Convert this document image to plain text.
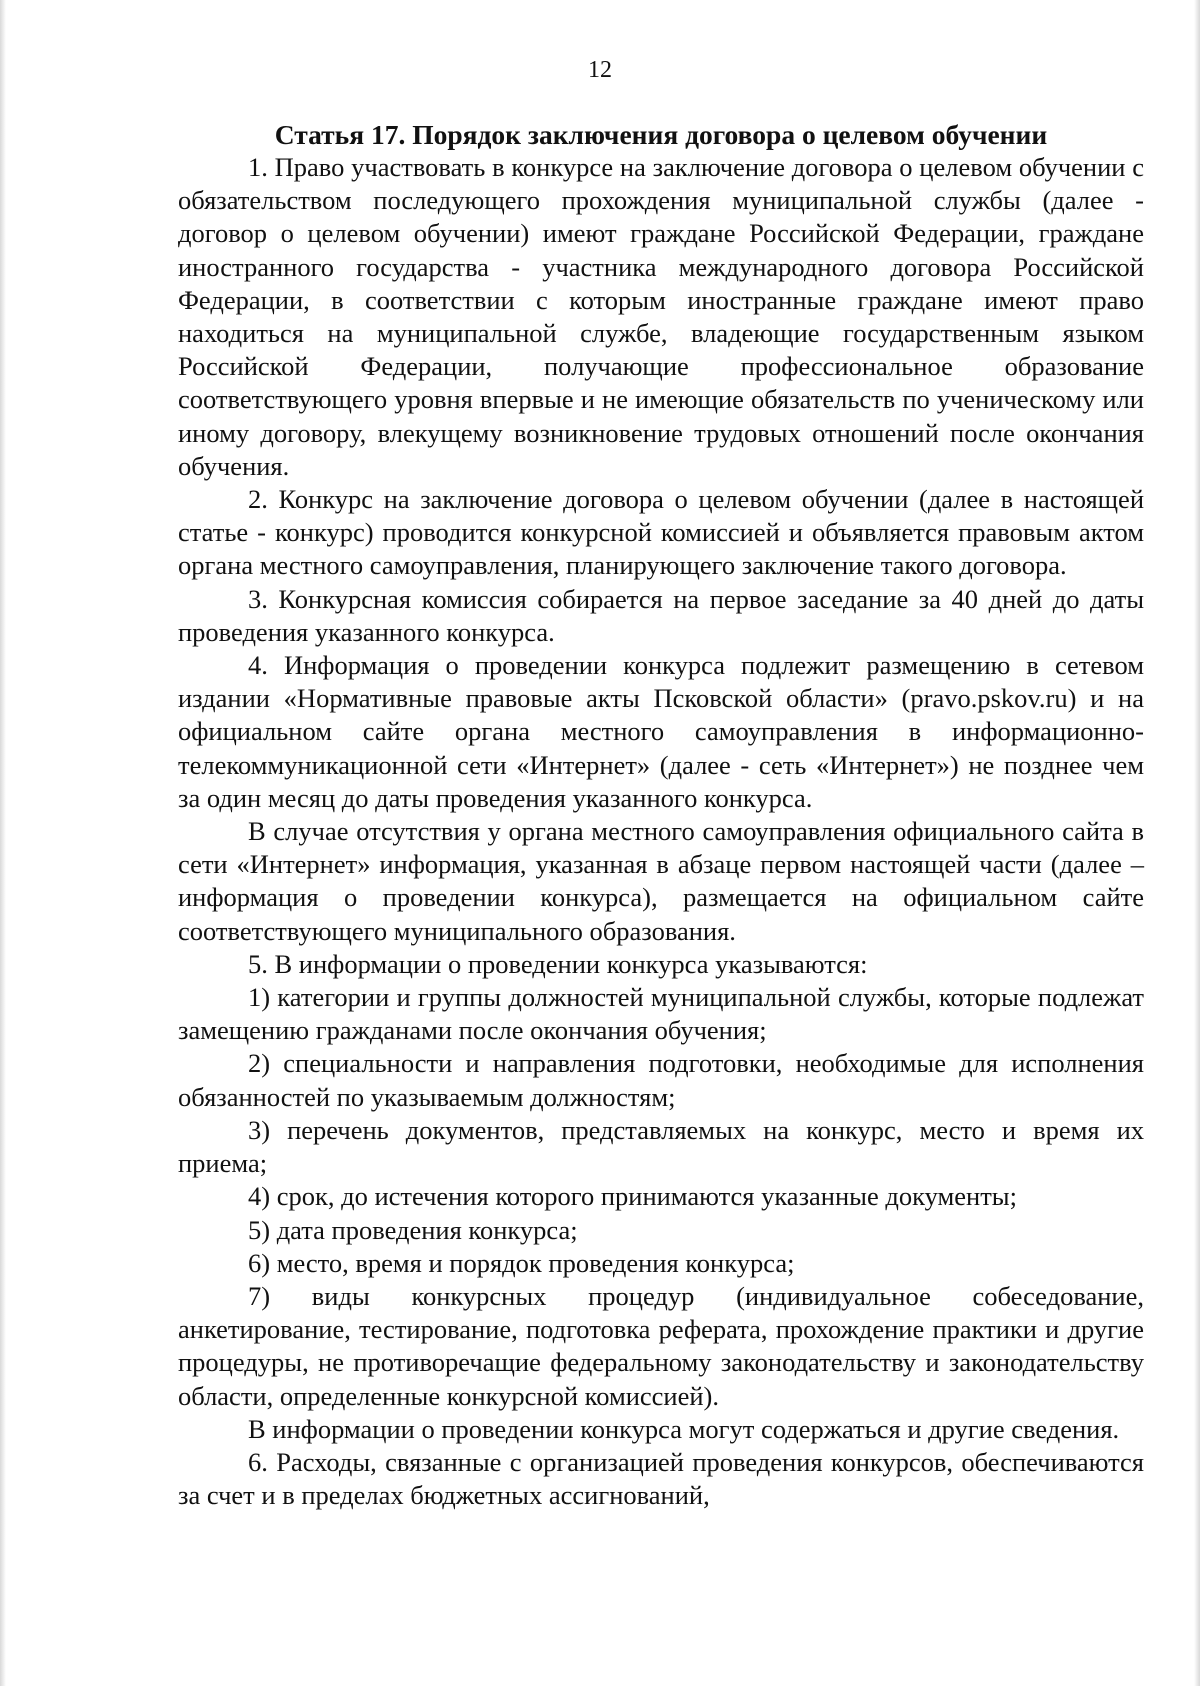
12
Статья 17. Порядок заключения договора о целевом обучении

1. Право участвовать в конкурсе на заключение договора о целевом обучении с обязательством последующего прохождения муниципальной службы (далее - договор о целевом обучении) имеют граждане Российской Федерации, граждане иностранного государства - участника международного договора Российской Федерации, в соответствии с которым иностранные граждане имеют право находиться на муниципальной службе, владеющие государственным языком Российской Федерации, получающие профессиональное образование соответствующего уровня впервые и не имеющие обязательств по ученическому или иному договору, влекущему возникновение трудовых отношений после окончания обучения.

2. Конкурс на заключение договора о целевом обучении (далее в настоящей статье - конкурс) проводится конкурсной комиссией и объявляется правовым актом органа местного самоуправления, планирующего заключение такого договора.

3. Конкурсная комиссия собирается на первое заседание за 40 дней до даты проведения указанного конкурса.

4. Информация о проведении конкурса подлежит размещению в сетевом издании «Нормативные правовые акты Псковской области» (pravo.pskov.ru) и на официальном сайте органа местного самоуправления в информационно-телекоммуникационной сети «Интернет» (далее - сеть «Интернет») не позднее чем за один месяц до даты проведения указанного конкурса.

В случае отсутствия у органа местного самоуправления официального сайта в сети «Интернет» информация, указанная в абзаце первом настоящей части (далее – информация о проведении конкурса), размещается на официальном сайте соответствующего муниципального образования.

5. В информации о проведении конкурса указываются:

1) категории и группы должностей муниципальной службы, которые подлежат замещению гражданами после окончания обучения;

2) специальности и направления подготовки, необходимые для исполнения обязанностей по указываемым должностям;

3) перечень документов, представляемых на конкурс, место и время их приема;

4) срок, до истечения которого принимаются указанные документы;

5) дата проведения конкурса;

6) место, время и порядок проведения конкурса;

7) виды конкурсных процедур (индивидуальное собеседование, анкетирование, тестирование, подготовка реферата, прохождение практики и другие процедуры, не противоречащие федеральному законодательству и законодательству области, определенные конкурсной комиссией).

В информации о проведении конкурса могут содержаться и другие сведения.

6. Расходы, связанные с организацией проведения конкурсов, обеспечиваются за счет и в пределах бюджетных ассигнований,
